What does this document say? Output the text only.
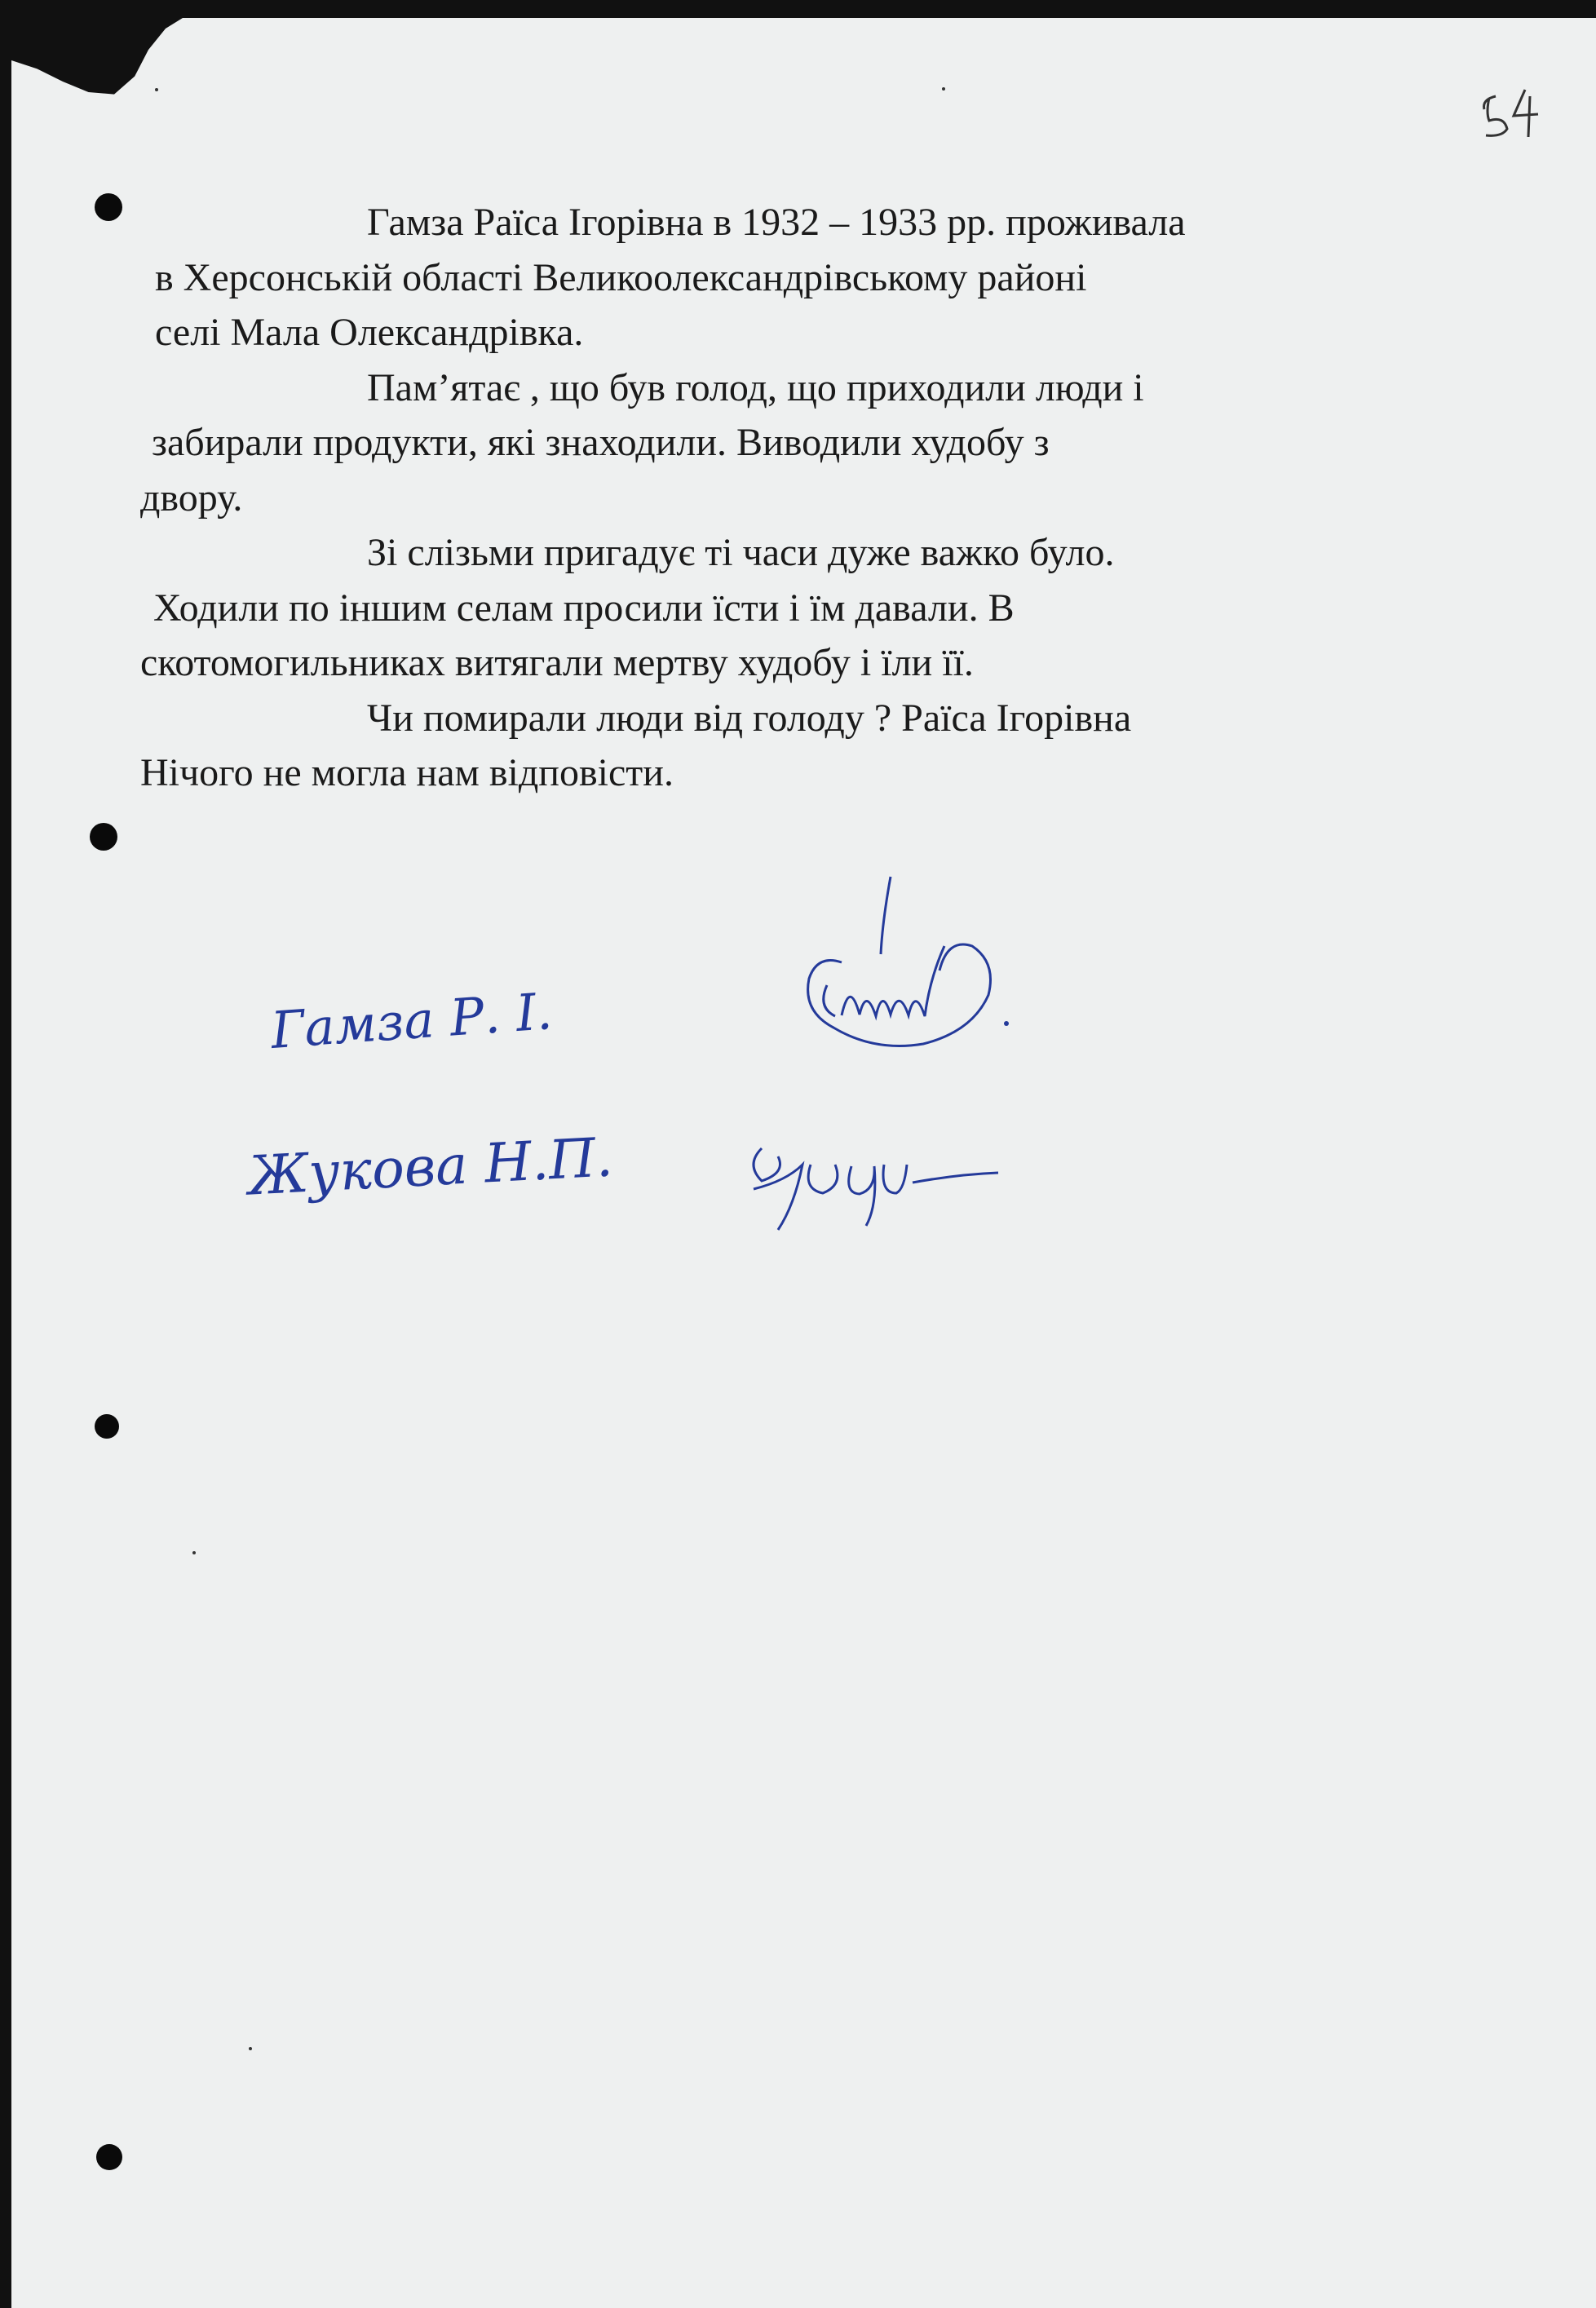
Гамза Раїса Ігорівна в 1932 – 1933 рр. проживала
в Херсонській області Великоолександрівському районі
селі Мала Олександрівка.
Пам’ятає , що був голод, що приходили люди і
забирали продукти, які знаходили. Виводили худобу з
двору.
Зі слізьми пригадує ті часи дуже важко було.
Ходили по іншим селам просили їсти і їм давали. В
скотомогильниках витягали мертву худобу і їли її.
Чи помирали люди від голоду ? Раїса Ігорівна
Нічого не могла нам відповісти.
Гамза Р. І.
Жукова Н.П.
